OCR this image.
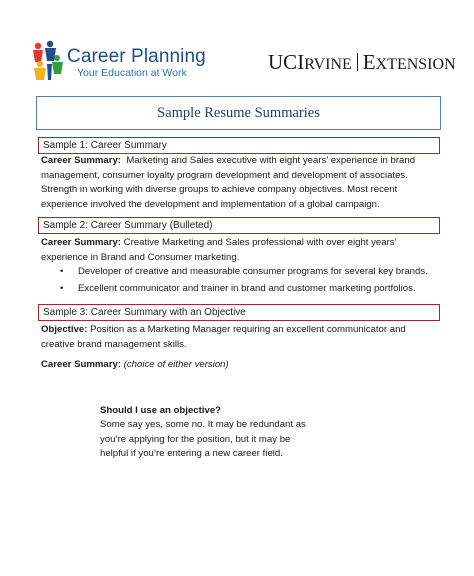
Career Planning
Your Education at Work	UCIRVINE EXTENSION
Sample Resume Summaries
Sample 1: Career Summary
Career Summary: Marketing and Sales executive with eight years’ experience in brand management, consumer loyalty program development and development of associates. Strength in working with diverse groups to achieve company objectives. Most recent experience involved the development and implementation of a global campaign.
Sample 2: Career Summary (Bulleted)
Career Summary: Creative Marketing and Sales professional with over eight years’ experience in Brand and Consumer marketing.
• Developer of creative and measurable consumer programs for several key brands.
• Excellent communicator and trainer in brand and customer marketing portfolios.
Sample 3: Career Summary with an Objective
Objective: Position as a Marketing Manager requiring an excellent communicator and creative brand management skills.
Career Summary: (choice of either version)
Should I use an objective?
Some say yes, some no. It may be redundant as you’re applying for the position, but it may be helpful if you’re entering a new career field.
